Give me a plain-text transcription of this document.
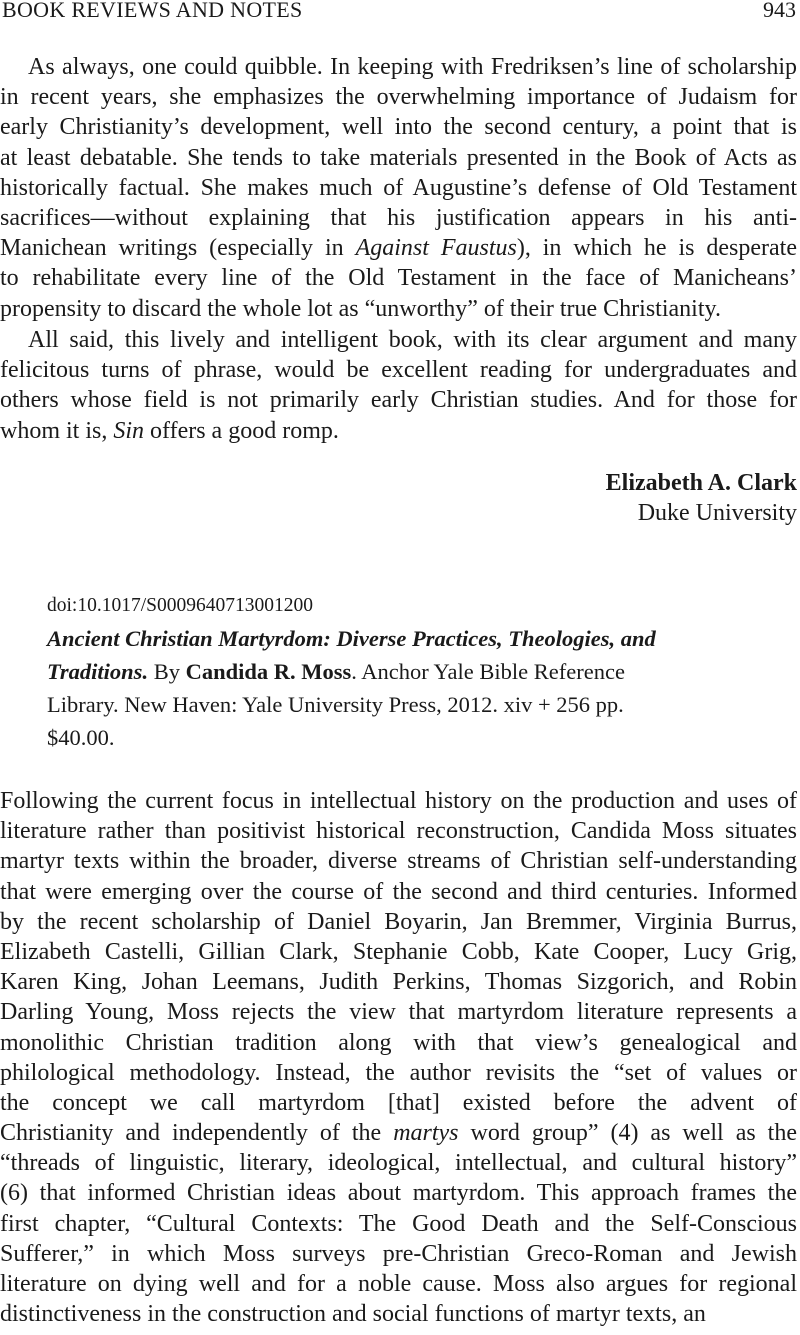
BOOK REVIEWS AND NOTES	943
As always, one could quibble. In keeping with Fredriksen’s line of scholarship
in recent years, she emphasizes the overwhelming importance of Judaism for
early Christianity’s development, well into the second century, a point that is
at least debatable. She tends to take materials presented in the Book of Acts as
historically factual. She makes much of Augustine’s defense of Old Testament
sacrifices—without explaining that his justification appears in his anti-
Manichean writings (especially in Against Faustus), in which he is desperate
to rehabilitate every line of the Old Testament in the face of Manicheans’
propensity to discard the whole lot as “unworthy” of their true Christianity.
All said, this lively and intelligent book, with its clear argument and many
felicitous turns of phrase, would be excellent reading for undergraduates and
others whose field is not primarily early Christian studies. And for those for
whom it is, Sin offers a good romp.
Elizabeth A. Clark
Duke University
doi:10.1017/S0009640713001200
Ancient Christian Martyrdom: Diverse Practices, Theologies, and
Traditions. By Candida R. Moss. Anchor Yale Bible Reference
Library. New Haven: Yale University Press, 2012. xiv + 256 pp.
$40.00.
Following the current focus in intellectual history on the production and uses of
literature rather than positivist historical reconstruction, Candida Moss situates
martyr texts within the broader, diverse streams of Christian self-understanding
that were emerging over the course of the second and third centuries. Informed
by the recent scholarship of Daniel Boyarin, Jan Bremmer, Virginia Burrus,
Elizabeth Castelli, Gillian Clark, Stephanie Cobb, Kate Cooper, Lucy Grig,
Karen King, Johan Leemans, Judith Perkins, Thomas Sizgorich, and Robin
Darling Young, Moss rejects the view that martyrdom literature represents a
monolithic Christian tradition along with that view’s genealogical and
philological methodology. Instead, the author revisits the “set of values or
the concept we call martyrdom [that] existed before the advent of
Christianity and independently of the martys word group” (4) as well as the
“threads of linguistic, literary, ideological, intellectual, and cultural history”
(6) that informed Christian ideas about martyrdom. This approach frames the
first chapter, “Cultural Contexts: The Good Death and the Self-Conscious
Sufferer,” in which Moss surveys pre-Christian Greco-Roman and Jewish
literature on dying well and for a noble cause. Moss also argues for regional
distinctiveness in the construction and social functions of martyr texts, an
